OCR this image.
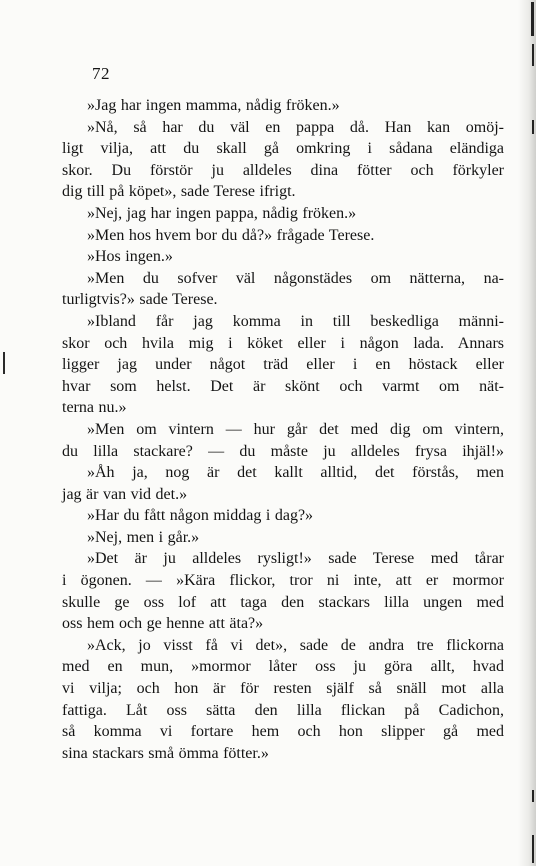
72
»Jag har ingen mamma, nådig fröken.»
»Nå, så har du väl en pappa då. Han kan omöj-
ligt vilja, att du skall gå omkring i sådana eländiga
skor. Du förstör ju alldeles dina fötter och förkyler
dig till på köpet», sade Terese ifrigt.
»Nej, jag har ingen pappa, nådig fröken.»
»Men hos hvem bor du då?» frågade Terese.
»Hos ingen.»
»Men du sofver väl någonstädes om nätterna, na-
turligtvis?» sade Terese.
»Ibland får jag komma in till beskedliga männi-
skor och hvila mig i köket eller i någon lada. Annars
ligger jag under något träd eller i en höstack eller
hvar som helst. Det är skönt och varmt om nät-
terna nu.»
»Men om vintern — hur går det med dig om vintern,
du lilla stackare? — du måste ju alldeles frysa ihjäl!»
»Åh ja, nog är det kallt alltid, det förstås, men
jag är van vid det.»
»Har du fått någon middag i dag?»
»Nej, men i går.»
»Det är ju alldeles rysligt!» sade Terese med tårar
i ögonen. — »Kära flickor, tror ni inte, att er mormor
skulle ge oss lof att taga den stackars lilla ungen med
oss hem och ge henne att äta?»
»Ack, jo visst få vi det», sade de andra tre flickorna
med en mun, »mormor låter oss ju göra allt, hvad
vi vilja; och hon är för resten själf så snäll mot alla
fattiga. Låt oss sätta den lilla flickan på Cadichon,
så komma vi fortare hem och hon slipper gå med
sina stackars små ömma fötter.»
